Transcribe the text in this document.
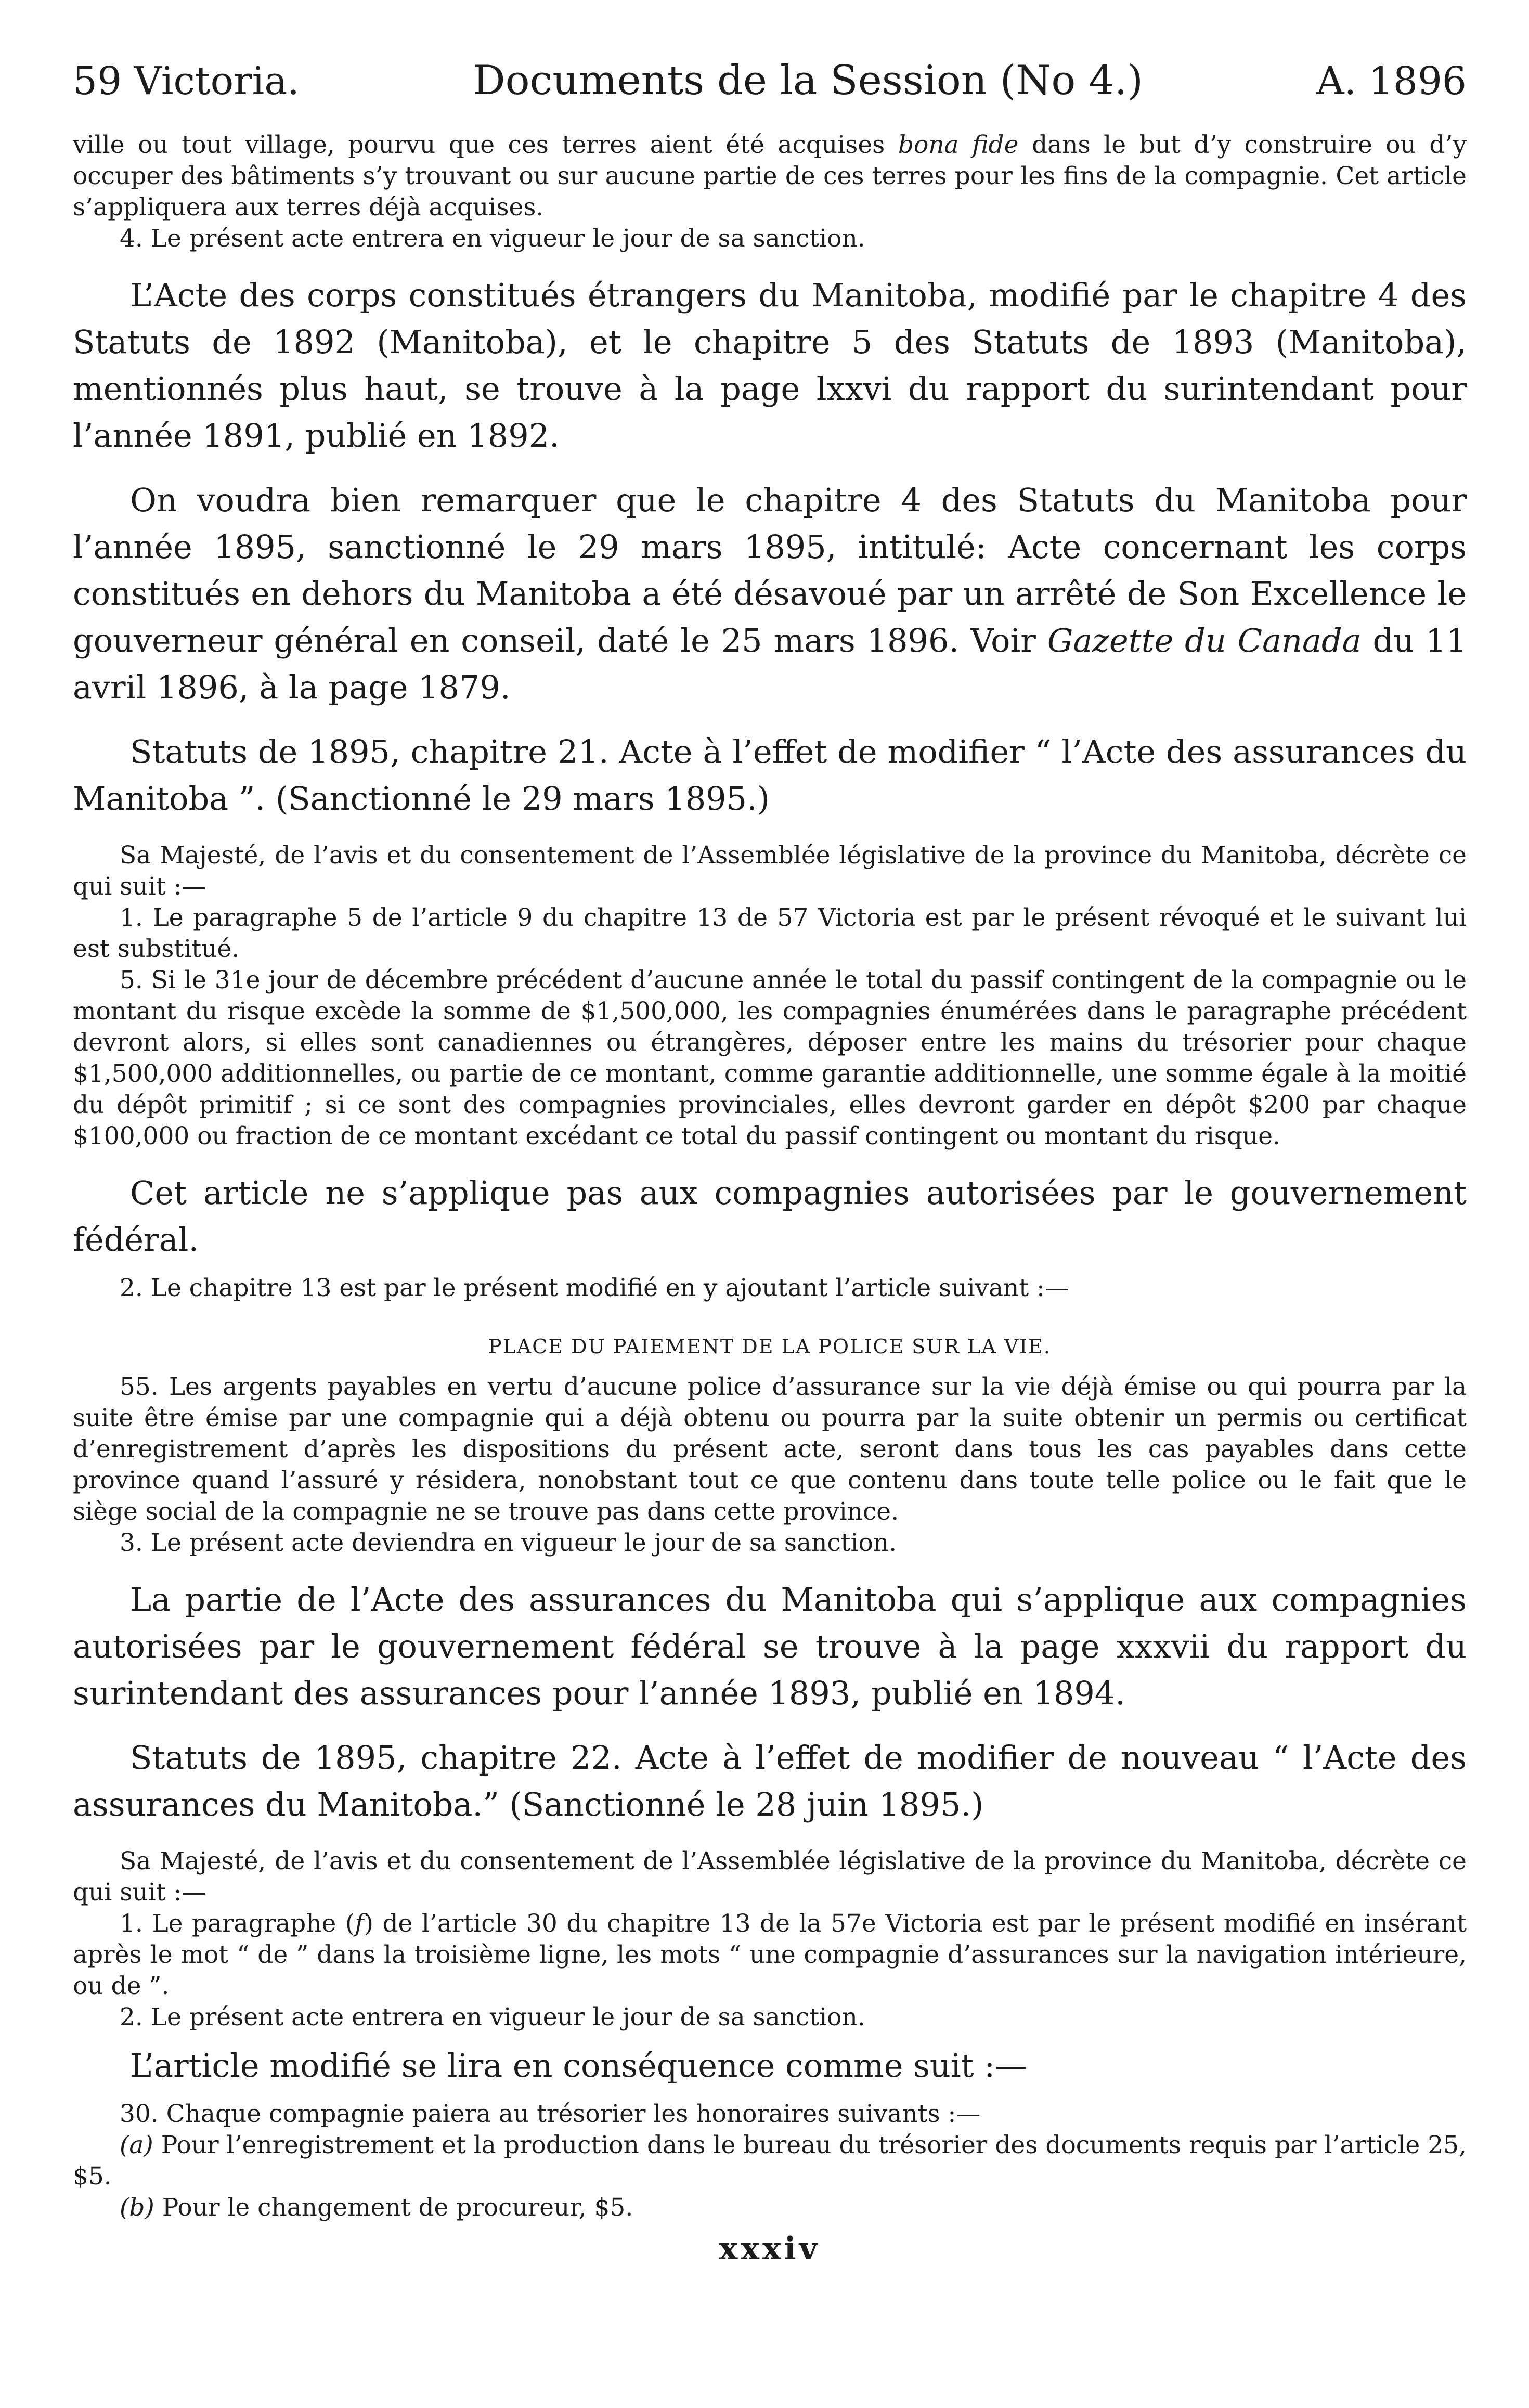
59 Victoria.	Documents de la Session (No 4.)	A. 1896

ville ou tout village, pourvu que ces terres aient été acquises bona fide dans le but d’y construire ou d’y occuper des bâtiments s’y trouvant ou sur aucune partie de ces terres pour les fins de la compagnie. Cet article s’appliquera aux terres déjà acquises.

4. Le présent acte entrera en vigueur le jour de sa sanction.

L’Acte des corps constitués étrangers du Manitoba, modifié par le chapitre 4 des Statuts de 1892 (Manitoba), et le chapitre 5 des Statuts de 1893 (Manitoba), mentionnés plus haut, se trouve à la page lxxvi du rapport du surintendant pour l’année 1891, publié en 1892.

On voudra bien remarquer que le chapitre 4 des Statuts du Manitoba pour l’année 1895, sanctionné le 29 mars 1895, intitulé: Acte concernant les corps constitués en dehors du Manitoba a été désavoué par un arrêté de Son Excellence le gouverneur général en conseil, daté le 25 mars 1896. Voir Gazette du Canada du 11 avril 1896, à la page 1879.

Statuts de 1895, chapitre 21. Acte à l’effet de modifier “ l’Acte des assurances du Manitoba ”. (Sanctionné le 29 mars 1895.)

Sa Majesté, de l’avis et du consentement de l’Assemblée législative de la province du Manitoba, décrète ce qui suit :—

1. Le paragraphe 5 de l’article 9 du chapitre 13 de 57 Victoria est par le présent révoqué et le suivant lui est substitué.

5. Si le 31e jour de décembre précédent d’aucune année le total du passif contingent de la compagnie ou le montant du risque excède la somme de $1,500,000, les compagnies énumérées dans le paragraphe précédent devront alors, si elles sont canadiennes ou étrangères, déposer entre les mains du trésorier pour chaque $1,500,000 additionnelles, ou partie de ce montant, comme garantie additionnelle, une somme égale à la moitié du dépôt primitif ; si ce sont des compagnies provinciales, elles devront garder en dépôt $200 par chaque $100,000 ou fraction de ce montant excédant ce total du passif contingent ou montant du risque.

Cet article ne s’applique pas aux compagnies autorisées par le gouvernement fédéral.

2. Le chapitre 13 est par le présent modifié en y ajoutant l’article suivant :—

PLACE DU PAIEMENT DE LA POLICE SUR LA VIE.

55. Les argents payables en vertu d’aucune police d’assurance sur la vie déjà émise ou qui pourra par la suite être émise par une compagnie qui a déjà obtenu ou pourra par la suite obtenir un permis ou certificat d’enregistrement d’après les dispositions du présent acte, seront dans tous les cas payables dans cette province quand l’assuré y résidera, nonobstant tout ce que contenu dans toute telle police ou le fait que le siège social de la compagnie ne se trouve pas dans cette province.

3. Le présent acte deviendra en vigueur le jour de sa sanction.

La partie de l’Acte des assurances du Manitoba qui s’applique aux compagnies autorisées par le gouvernement fédéral se trouve à la page xxxvii du rapport du surintendant des assurances pour l’année 1893, publié en 1894.

Statuts de 1895, chapitre 22. Acte à l’effet de modifier de nouveau “ l’Acte des assurances du Manitoba.” (Sanctionné le 28 juin 1895.)

Sa Majesté, de l’avis et du consentement de l’Assemblée législative de la province du Manitoba, décrète ce qui suit :—

1. Le paragraphe (f) de l’article 30 du chapitre 13 de la 57e Victoria est par le présent modifié en insérant après le mot “ de ” dans la troisième ligne, les mots “ une compagnie d’assurances sur la navigation intérieure, ou de ”.

2. Le présent acte entrera en vigueur le jour de sa sanction.

L’article modifié se lira en conséquence comme suit :—

30. Chaque compagnie paiera au trésorier les honoraires suivants :—

(a) Pour l’enregistrement et la production dans le bureau du trésorier des documents requis par l’article 25, $5.

(b) Pour le changement de procureur, $5.

xxxiv
